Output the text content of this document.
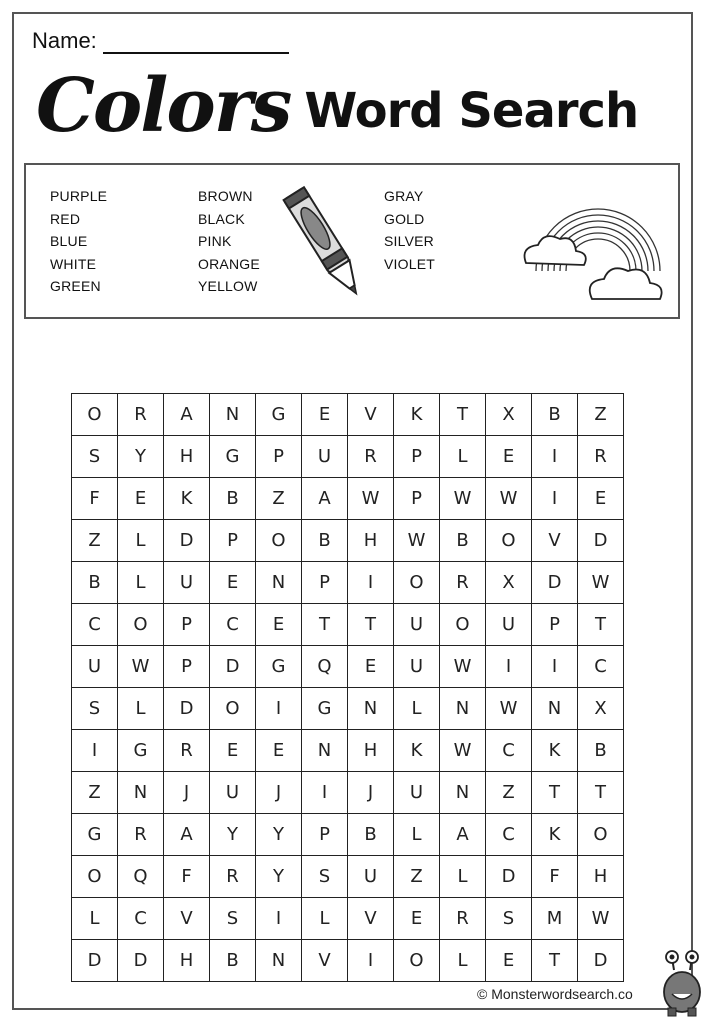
Name:
Colors Word Search
PURPLE
RED
BLUE
WHITE
GREEN
BROWN
BLACK
PINK
ORANGE
YELLOW
GRAY
GOLD
SILVER
VIOLET
O	R	A	N	G	E	V	K	T	X	B	Z
S	Y	H	G	P	U	R	P	L	E	I	R
F	E	K	B	Z	A	W	P	W	W	I	E
Z	L	D	P	O	B	H	W	B	O	V	D
B	L	U	E	N	P	I	O	R	X	D	W
C	O	P	C	E	T	T	U	O	U	P	T
U	W	P	D	G	Q	E	U	W	I	I	C
S	L	D	O	I	G	N	L	N	W	N	X
I	G	R	E	E	N	H	K	W	C	K	B
Z	N	J	U	J	I	J	U	N	Z	T	T
G	R	A	Y	Y	P	B	L	A	C	K	O
O	Q	F	R	Y	S	U	Z	L	D	F	H
L	C	V	S	I	L	V	E	R	S	M	W
D	D	H	B	N	V	I	O	L	E	T	D
© Monsterwordsearch.co
